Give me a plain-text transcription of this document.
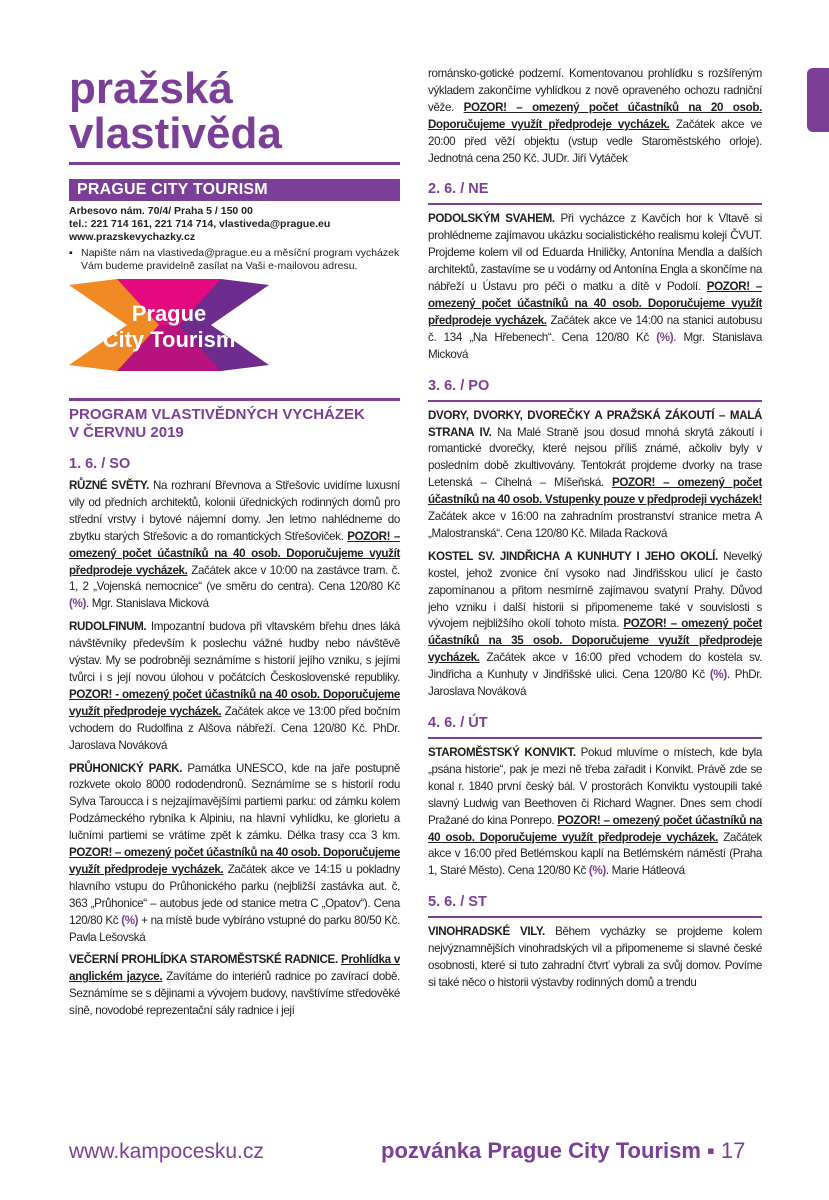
pražská
vlastivěda
PRAGUE CITY TOURISM
Arbesovo nám. 70/4/ Praha 5 / 150 00
tel.: 221 714 161, 221 714 714, vlastiveda@prague.eu
www.prazskevychazky.cz
▪ Napište nám na vlastiveda@prague.eu a měsíční program vycházek Vám budeme pravidelně zasílat na Vaši e-mailovou adresu.
Prague
City Tourism
PROGRAM VLASTIVĚDNÝCH VYCHÁZEK
V ČERVNU 2019
1. 6. / SO

RŮZNÉ SVĚTY. Na rozhraní Břevnova a Střešovic uvidíme luxusní vily od předních architektů, kolonii úřednických rodinných domů pro střední vrstvy i bytové nájemní domy. Jen letmo nahlédneme do zbytku starých Střešovic a do romantických Střešoviček. POZOR! – omezený počet účastníků na 40 osob. Doporučujeme využít předprodeje vycházek. Začátek akce v 10:00 na zastávce tram. č. 1, 2 „Vojenská nemocnice“ (ve směru do centra). Cena 120/80 Kč (%). Mgr. Stanislava Micková

RUDOLFINUM. Impozantní budova při vltavském břehu dnes láká návštěvníky především k poslechu vážné hudby nebo návštěvě výstav. My se podrobněji seznámíme s historií jejího vzniku, s jejími tvůrci i s její novou úlohou v počátcích Československé republiky. POZOR! - omezený počet účastníků na 40 osob. Doporučujeme využít předprodeje vycházek. Začátek akce ve 13:00 před bočním vchodem do Rudolfina z Alšova nábřeží. Cena 120/80 Kč. PhDr. Jaroslava Nováková

PRŮHONICKÝ PARK. Památka UNESCO, kde na jaře postupně rozkvete okolo 8000 rododendronů. Seznámíme se s historií rodu Sylva Taroucca i s nejzajímavějšími partiemi parku: od zámku kolem Podzámeckého rybníka k Alpiniu, na hlavní vyhlídku, ke glorietu a lučními partiemi se vrátíme zpět k zámku. Délka trasy cca 3 km. POZOR! – omezený počet účastníků na 40 osob. Doporučujeme využít předprodeje vycházek. Začátek akce ve 14:15 u pokladny hlavního vstupu do Průhonického parku (nejbližší zastávka aut. č. 363 „Průhonice“ – autobus jede od stanice metra C „Opatov“). Cena 120/80 Kč (%) + na místě bude vybíráno vstupné do parku 80/50 Kč. Pavla Lešovská

VEČERNÍ PROHLÍDKA STAROMĚSTSKÉ RADNICE. Prohlídka v anglickém jazyce. Zavítáme do interiérů radnice po zavírací době. Seznámíme se s dějinami a vývojem budovy, navštívíme středověké síně, novodobé reprezentační sály radnice i její

románsko-gotické podzemí. Komentovanou prohlídku s rozšířeným výkladem zakončíme vyhlídkou z nově opraveného ochozu radniční věže. POZOR! – omezený počet účastníků na 20 osob. Doporučujeme využít předprodeje vycházek. Začátek akce ve 20:00 před věží objektu (vstup vedle Staroměstského orloje). Jednotná cena 250 Kč. JUDr. Jiří Vytáček

2. 6. / NE

PODOLSKÝM SVAHEM. Při vycházce z Kavčích hor k Vltavě si prohlédneme zajímavou ukázku socialistického realismu kolejí ČVUT. Projdeme kolem vil od Eduarda Hniličky, Antonína Mendla a dalších architektů, zastavíme se u vodárny od Antonína Engla a skončíme na nábřeží u Ústavu pro péči o matku a dítě v Podolí. POZOR! – omezený počet účastníků na 40 osob. Doporučujeme využít předprodeje vycházek. Začátek akce ve 14:00 na stanici autobusu č. 134 „Na Hřebenech“. Cena 120/80 Kč (%). Mgr. Stanislava Micková

3. 6. / PO

DVORY, DVORKY, DVOREČKY A PRAŽSKÁ ZÁKOUTÍ – MALÁ STRANA IV. Na Malé Straně jsou dosud mnohá skrytá zákoutí i romantické dvorečky, které nejsou příliš známé, ačkoliv byly v posledním době zkultivovány. Tentokrát projdeme dvorky na trase Letenská – Cihelná – Míšeňská. POZOR! – omezený počet účastníků na 40 osob. Vstupenky pouze v předprodeji vycházek! Začátek akce v 16:00 na zahradním prostranství stranice metra A „Malostranská“. Cena 120/80 Kč. Milada Racková

KOSTEL SV. JINDŘICHA A KUNHUTY I JEHO OKOLÍ. Nevelký kostel, jehož zvonice ční vysoko nad Jindřišskou ulicí je často zapomínanou a přitom nesmírně zajímavou svatyní Prahy. Důvod jeho vzniku i další historii si připomeneme také v souvislosti s vývojem nejbližšího okolí tohoto místa. POZOR! – omezený počet účastníků na 35 osob. Doporučujeme využít předprodeje vycházek. Začátek akce v 16:00 před vchodem do kostela sv. Jindřicha a Kunhuty v Jindřišské ulici. Cena 120/80 Kč (%). PhDr. Jaroslava Nováková

4. 6. / ÚT

STAROMĚSTSKÝ KONVIKT. Pokud mluvíme o místech, kde byla „psána historie“, pak je mezi ně třeba zařadit i Konvikt. Právě zde se konal r. 1840 první český bál. V prostorách Konviktu vystoupili také slavný Ludwig van Beethoven či Richard Wagner. Dnes sem chodí Pražané do kina Ponrepo. POZOR! – omezený počet účastníků na 40 osob. Doporučujeme využít předprodeje vycházek. Začátek akce v 16:00 před Betlémskou kaplí na Betlémském náměstí (Praha 1, Staré Město). Cena 120/80 Kč (%). Marie Hátleová

5. 6. / ST

VINOHRADSKÉ VILY. Během vycházky se projdeme kolem nejvýznamnějších vinohradských vil a připomeneme si slavné české osobnosti, které si tuto zahradní čtvrť vybrali za svůj domov. Povíme si také něco o historii výstavby rodinných domů a trendu

www.kampocesku.cz	pozvánka Prague City Tourism ▪ 17
